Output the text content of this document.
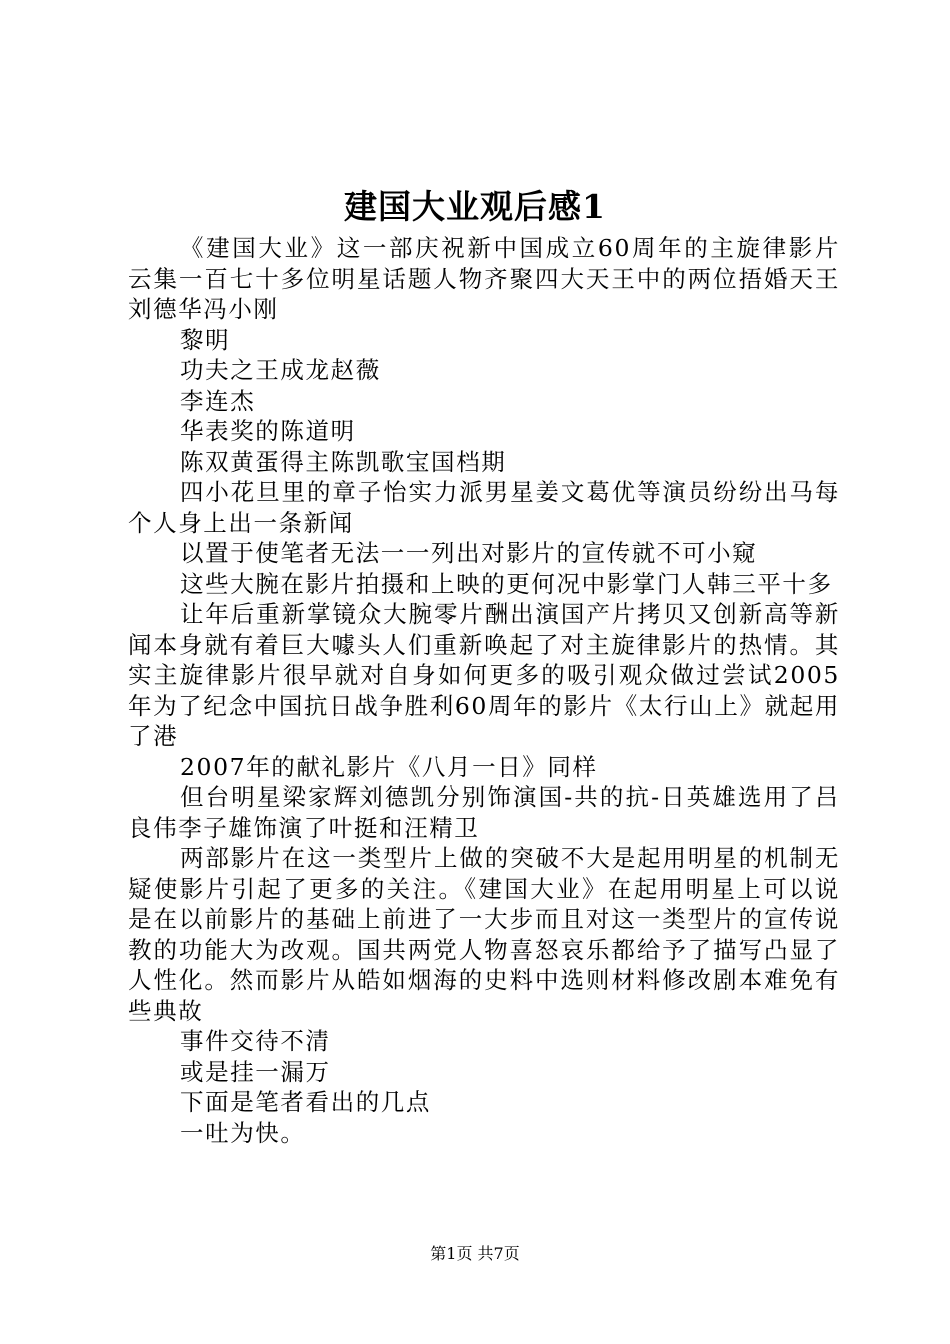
建国大业观后感1

《建国大业》这一部庆祝新中国成立60周年的主旋律影片云集一百七十多位明星话题人物齐聚四大天王中的两位捂婚天王刘德华冯小刚

黎明

功夫之王成龙赵薇

李连杰

华表奖的陈道明

陈双黄蛋得主陈凯歌宝国档期

四小花旦里的章子怡实力派男星姜文葛优等演员纷纷出马每个人身上出一条新闻

以置于使笔者无法一一列出对影片的宣传就不可小窥

这些大腕在影片拍摄和上映的更何况中影掌门人韩三平十多

让年后重新掌镜众大腕零片酬出演国产片拷贝又创新高等新闻本身就有着巨大噱头人们重新唤起了对主旋律影片的热情。其实主旋律影片很早就对自身如何更多的吸引观众做过尝试2005年为了纪念中国抗日战争胜利60周年的影片《太行山上》就起用了港

2007年的献礼影片《八月一日》同样

但台明星梁家辉刘德凯分别饰演国-共的抗-日英雄选用了吕良伟李子雄饰演了叶挺和汪精卫

两部影片在这一类型片上做的突破不大是起用明星的机制无疑使影片引起了更多的关注。《建国大业》在起用明星上可以说是在以前影片的基础上前进了一大步而且对这一类型片的宣传说教的功能大为改观。国共两党人物喜怒哀乐都给予了描写凸显了人性化。然而影片从皓如烟海的史料中选则材料修改剧本难免有些典故

事件交待不清

或是挂一漏万

下面是笔者看出的几点

一吐为快。

第1页 共7页
